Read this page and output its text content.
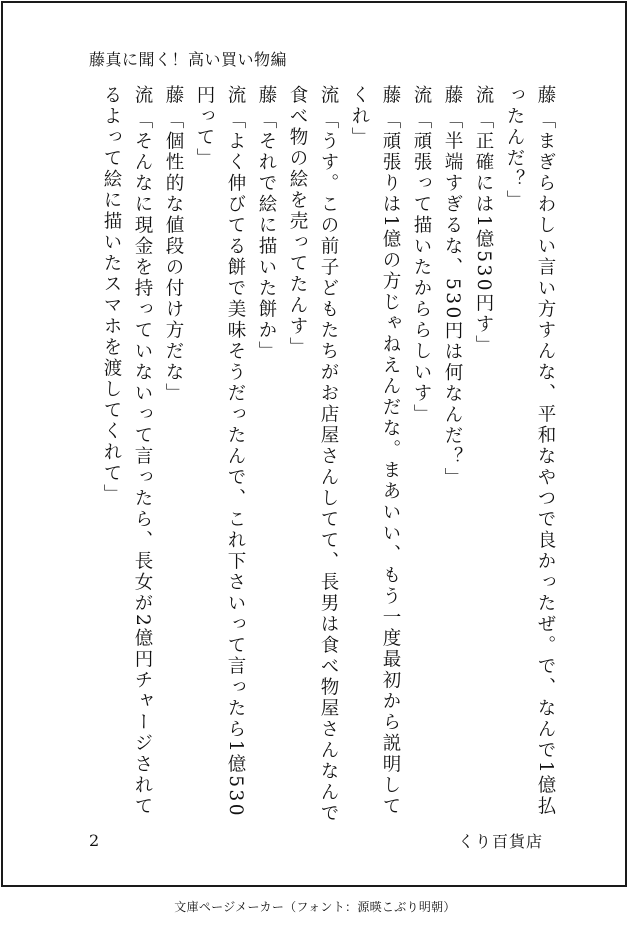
藤真に聞く！高い買い物編
藤「まぎらわしい言い方すんな、平和なやつで良かったぜ。で、なんで1億払ったんだ？」
流「正確には1億530円す」
藤「半端すぎるな、530円は何なんだ？」
流「頑張って描いたかららしいす」
藤「頑張りは1億の方じゃねえんだな。まあいい、もう一度最初から説明してくれ」
流「うす。この前子どもたちがお店屋さんしてて、長男は食べ物屋さんなんで食べ物の絵を売ってたんす」
藤「それで絵に描いた餅か」
流「よく伸びてる餅で美味そうだったんで、これ下さいって言ったら1億530円って」
藤「個性的な値段の付け方だな」
流「そんなに現金を持っていないって言ったら、長女が2億円チャージされてるよって絵に描いたスマホを渡してくれて」
2	くり百貨店
文庫ページメーカー（フォント：源暎こぶり明朝）
